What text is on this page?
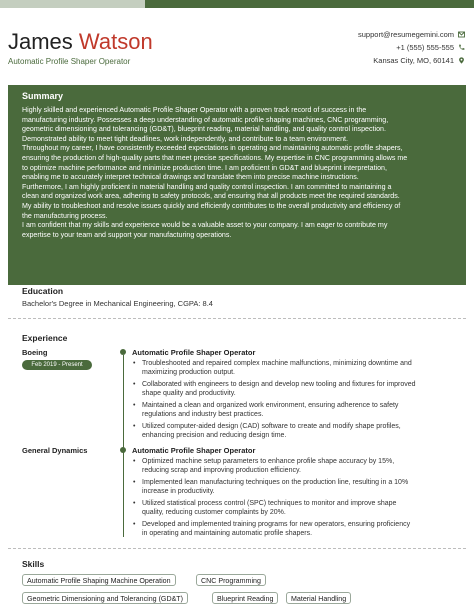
James Watson
Automatic Profile Shaper Operator
support@resumegemini.com
+1 (555) 555-555
Kansas City, MO, 60141
Summary
Highly skilled and experienced Automatic Profile Shaper Operator with a proven track record of success in the
manufacturing industry. Possesses a deep understanding of automatic profile shaping machines, CNC programming,
geometric dimensioning and tolerancing (GD&T), blueprint reading, material handling, and quality control inspection.
Demonstrated ability to meet tight deadlines, work independently, and contribute to a team environment.
Throughout my career, I have consistently exceeded expectations in operating and maintaining automatic profile shapers,
ensuring the production of high-quality parts that meet precise specifications. My expertise in CNC programming allows me
to optimize machine performance and minimize production time. I am proficient in GD&T and blueprint interpretation,
enabling me to accurately interpret technical drawings and translate them into precise machine instructions.
Furthermore, I am highly proficient in material handling and quality control inspection. I am committed to maintaining a
clean and organized work area, adhering to safety protocols, and ensuring that all products meet the required standards.
My ability to troubleshoot and resolve issues quickly and efficiently contributes to the overall productivity and efficiency of
the manufacturing process.
I am confident that my skills and experience would be a valuable asset to your company. I am eager to contribute my
expertise to your team and support your manufacturing operations.
Education
Bachelor's Degree in Mechanical Engineering, CGPA: 8.4
Experience
Boeing
Feb 2019 - Present
Automatic Profile Shaper Operator
• Troubleshooted and repaired complex machine malfunctions, minimizing downtime and
maximizing production output.
• Collaborated with engineers to design and develop new tooling and fixtures for improved
shape quality and productivity.
• Maintained a clean and organized work environment, ensuring adherence to safety
regulations and industry best practices.
• Utilized computer-aided design (CAD) software to create and modify shape profiles,
enhancing precision and reducing design time.
General Dynamics	Automatic Profile Shaper Operator
• Optimized machine setup parameters to enhance profile shape accuracy by 15%,
reducing scrap and improving production efficiency.
• Implemented lean manufacturing techniques on the production line, resulting in a 10%
increase in productivity.
• Utilized statistical process control (SPC) techniques to monitor and improve shape
quality, reducing customer complaints by 20%.
• Developed and implemented training programs for new operators, ensuring proficiency
in operating and maintaining automatic profile shapers.
Skills
Automatic Profile Shaping Machine Operation	CNC Programming
Geometric Dimensioning and Tolerancing (GD&T)	Blueprint Reading	Material Handling
